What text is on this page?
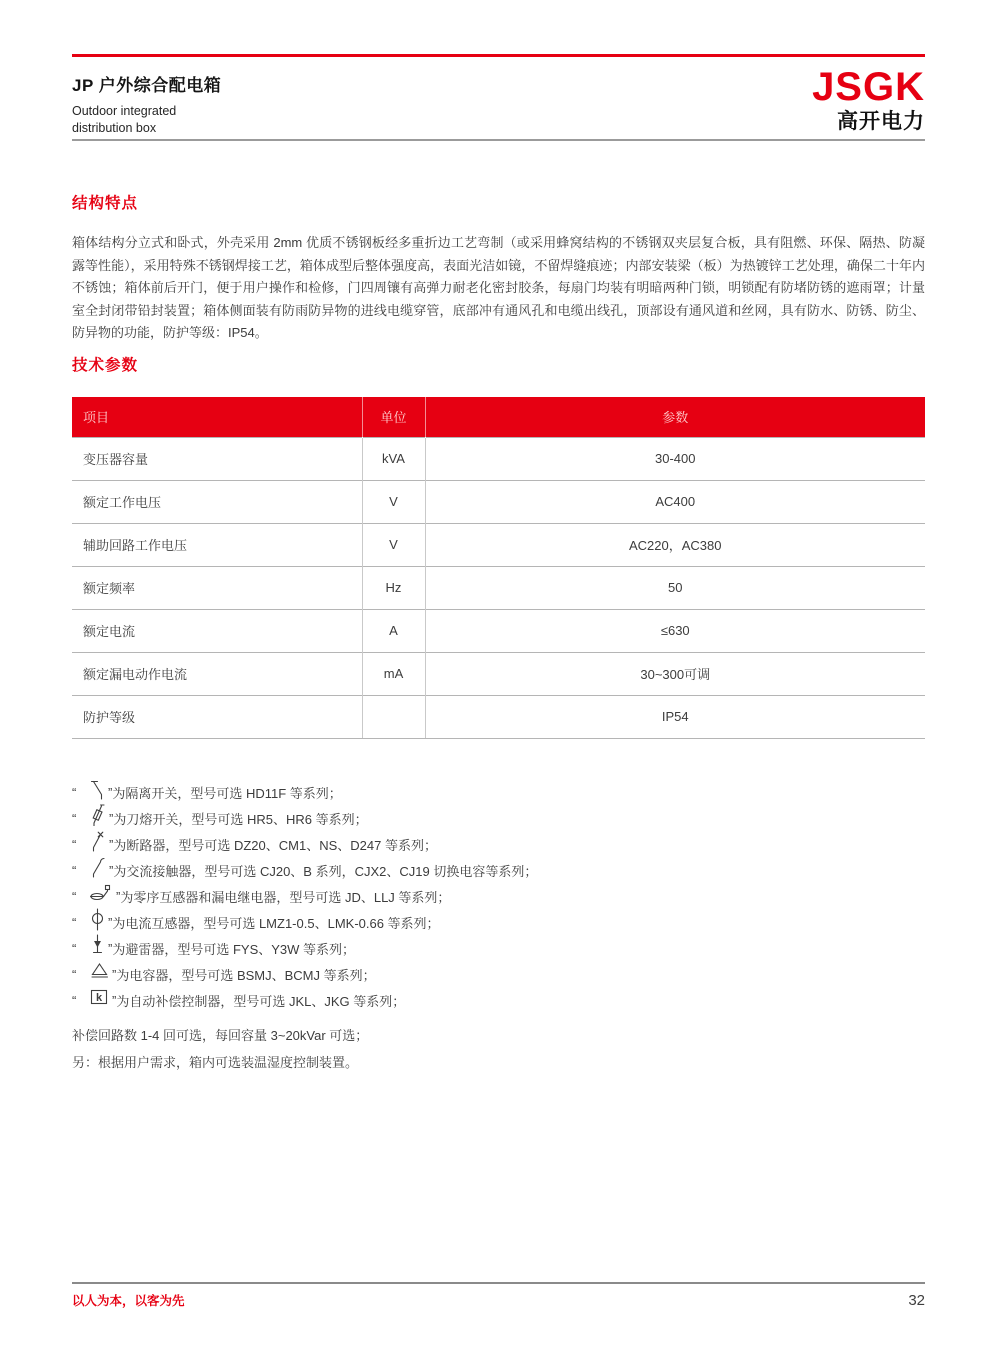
JP 户外综合配电箱
Outdoor integrated
distribution box
JSGK
高开电力
结构特点

箱体结构分立式和卧式，外壳采用 2mm 优质不锈钢板经多重折边工艺弯制（或采用蜂窝结构的不锈钢双夹层复合板，具有阻燃、环保、隔热、防凝露等性能），采用特殊不锈钢焊接工艺，箱体成型后整体强度高，表面光洁如镜，不留焊缝痕迹；内部安装梁（板）为热镀锌工艺处理，确保二十年内不锈蚀；箱体前后开门，便于用户操作和检修，门四周镶有高弹力耐老化密封胶条，每扇门均装有明暗两种门锁，明锁配有防堵防锈的遮雨罩；计量室全封闭带铅封装置；箱体侧面装有防雨防异物的进线电缆穿管，底部冲有通风孔和电缆出线孔，顶部设有通风道和丝网，具有防水、防锈、防尘、防异物的功能，防护等级：IP54。

技术参数
项目	单位	参数
变压器容量	kVA	30-400
额定工作电压	V	AC400
辅助回路工作电压	V	AC220，AC380
额定频率	Hz	50
额定电流	A	≤630
额定漏电动作电流	mA	30~300可调
防护等级		IP54
“	” 为隔离开关，型号可选 HD11F 等系列；
“	” 为刀熔开关，型号可选 HR5、HR6 等系列；
“	” 为断路器，型号可选 DZ20、CM1、NS、D247 等系列；
“	” 为交流接触器，型号可选 CJ20、B 系列，CJX2、CJ19 切换电容等系列；
“	” 为零序互感器和漏电继电器，型号可选 JD、LLJ 等系列；
“	” 为电流互感器，型号可选 LMZ1-0.5、LMK-0.66 等系列；
“	” 为避雷器，型号可选 FYS、Y3W 等系列；
“	” 为电容器，型号可选 BSMJ、BCMJ 等系列；
“	k ” 为自动补偿控制器，型号可选 JKL、JKG 等系列；
补偿回路数 1-4 回可选，每回容量 3~20kVar 可选；
另：根据用户需求，箱内可选装温湿度控制装置。
以人为本，以客为先	32
